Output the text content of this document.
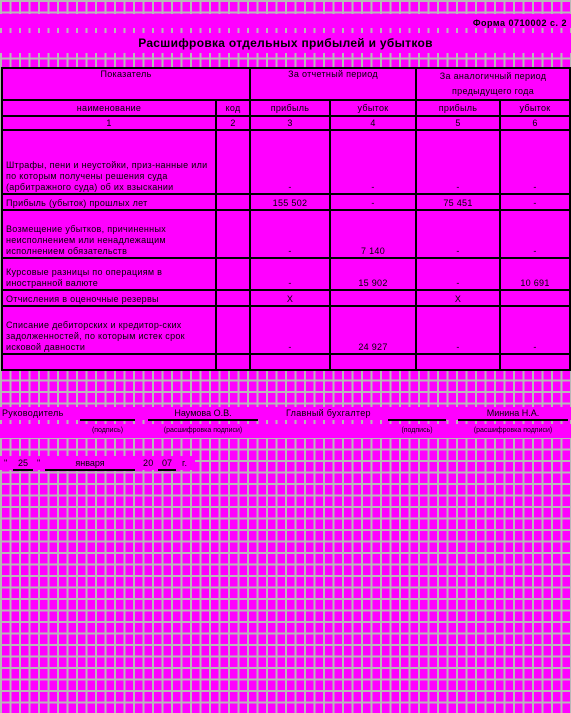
Форма 0710002 с. 2
Расшифровка отдельных прибылей и убытков
Показатель		За отчетный период		За аналогичный период
предыдущего года	

наименование	код	прибыль	убыток	прибыль	убыток
1	2	3	4	5	6
Штрафы, пени и неустойки, приз-нанные или по которым получены решения суда (арбитражного суда) об их взыскании		-	-	-	-
Прибыль (убыток) прошлых лет		155 502	-	75 451	-
Возмещение убытков, причиненных неисполнением или ненадлежащим исполнением обязательств		-	7 140	-	-
Курсовые разницы по операциям в иностранной валюте		-	15 902	-	10 691
Отчисления в оценочные резервы		X		X	
Списание дебиторских и кредитор-ских задолженностей, по которым истек срок исковой давности		-	24 927	-	-

Руководитель	Наумова О.В.
(подпись)	(расшифровка подписи)
Главный бухгалтер	Минина Н.А.
(подпись)	(расшифровка подписи)
"	25	"	января	20 07	г.
